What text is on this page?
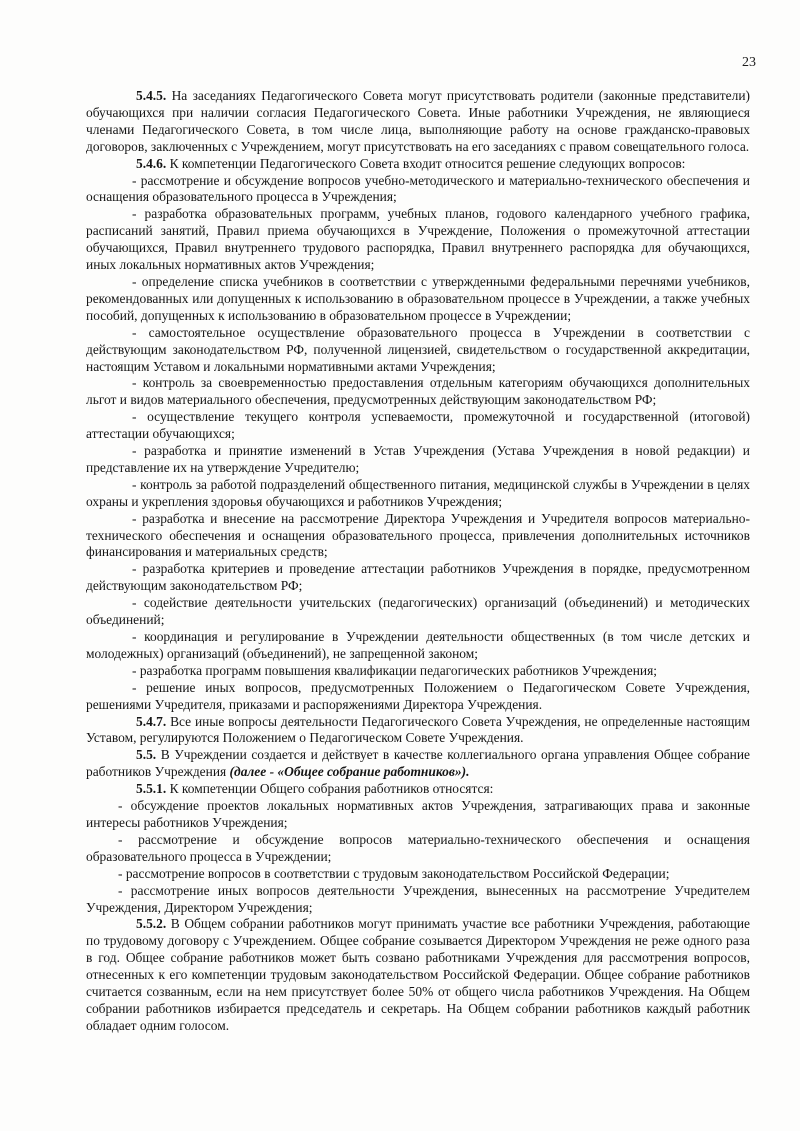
23

5.4.5. На заседаниях Педагогического Совета могут присутствовать родители (законные представители) обучающихся при наличии согласия Педагогического Совета. Иные работники Учреждения, не являющиеся членами Педагогического Совета, в том числе лица, выполняющие работу на основе гражданско-правовых договоров, заключенных с Учреждением, могут присутствовать на его заседаниях с правом совещательного голоса.

5.4.6. К компетенции Педагогического Совета входит относится решение следующих вопросов:

- рассмотрение и обсуждение вопросов учебно-методического и материально-технического обеспечения и оснащения образовательного процесса в Учреждения;

- разработка образовательных программ, учебных планов, годового календарного учебного графика, расписаний занятий, Правил приема обучающихся в Учреждение, Положения о промежуточной аттестации обучающихся, Правил внутреннего трудового распорядка, Правил внутреннего распорядка для обучающихся, иных локальных нормативных актов Учреждения;

- определение списка учебников в соответствии с утвержденными федеральными перечнями учебников, рекомендованных или допущенных к использованию в образовательном процессе в Учреждении, а также учебных пособий, допущенных к использованию в образовательном процессе в Учреждении;

- самостоятельное осуществление образовательного процесса в Учреждении в соответствии с действующим законодательством РФ, полученной лицензией, свидетельством о государственной аккредитации, настоящим Уставом и локальными нормативными актами Учреждения;

- контроль за своевременностью предоставления отдельным категориям обучающихся дополнительных льгот и видов материального обеспечения, предусмотренных действующим законодательством РФ;

- осуществление текущего контроля успеваемости, промежуточной и государственной (итоговой) аттестации обучающихся;

- разработка и принятие изменений в Устав Учреждения (Устава Учреждения в новой редакции) и представление их на утверждение Учредителю;

- контроль за работой подразделений общественного питания, медицинской службы в Учреждении в целях охраны и укрепления здоровья обучающихся и работников Учреждения;

- разработка и внесение на рассмотрение Директора Учреждения и Учредителя вопросов материально-технического обеспечения и оснащения образовательного процесса, привлечения дополнительных источников финансирования и материальных средств;

- разработка критериев и проведение аттестации работников Учреждения в порядке, предусмотренном действующим законодательством РФ;

- содействие деятельности учительских (педагогических) организаций (объединений) и методических объединений;

- координация и регулирование в Учреждении деятельности общественных (в том числе детских и молодежных) организаций (объединений), не запрещенной законом;

- разработка программ повышения квалификации педагогических работников Учреждения;

- решение иных вопросов, предусмотренных Положением о Педагогическом Совете Учреждения, решениями Учредителя, приказами и распоряжениями Директора Учреждения.

5.4.7. Все иные вопросы деятельности Педагогического Совета Учреждения, не определенные настоящим Уставом, регулируются Положением о Педагогическом Совете Учреждения.

5.5. В Учреждении создается и действует в качестве коллегиального органа управления Общее собрание работников Учреждения (далее - «Общее собрание работников»).

5.5.1. К компетенции Общего собрания работников относятся:

- обсуждение проектов локальных нормативных актов Учреждения, затрагивающих права и законные интересы работников Учреждения;

- рассмотрение и обсуждение вопросов материально-технического обеспечения и оснащения образовательного процесса в Учреждении;

- рассмотрение вопросов в соответствии с трудовым законодательством Российской Федерации;

- рассмотрение иных вопросов деятельности Учреждения, вынесенных на рассмотрение Учредителем Учреждения, Директором Учреждения;

5.5.2. В Общем собрании работников могут принимать участие все работники Учреждения, работающие по трудовому договору с Учреждением. Общее собрание созывается Директором Учреждения не реже одного раза в год. Общее собрание работников может быть созвано работниками Учреждения для рассмотрения вопросов, отнесенных к его компетенции трудовым законодательством Российской Федерации. Общее собрание работников считается созванным, если на нем присутствует более 50% от общего числа работников Учреждения. На Общем собрании работников избирается председатель и секретарь. На Общем собрании работников каждый работник обладает одним голосом.
